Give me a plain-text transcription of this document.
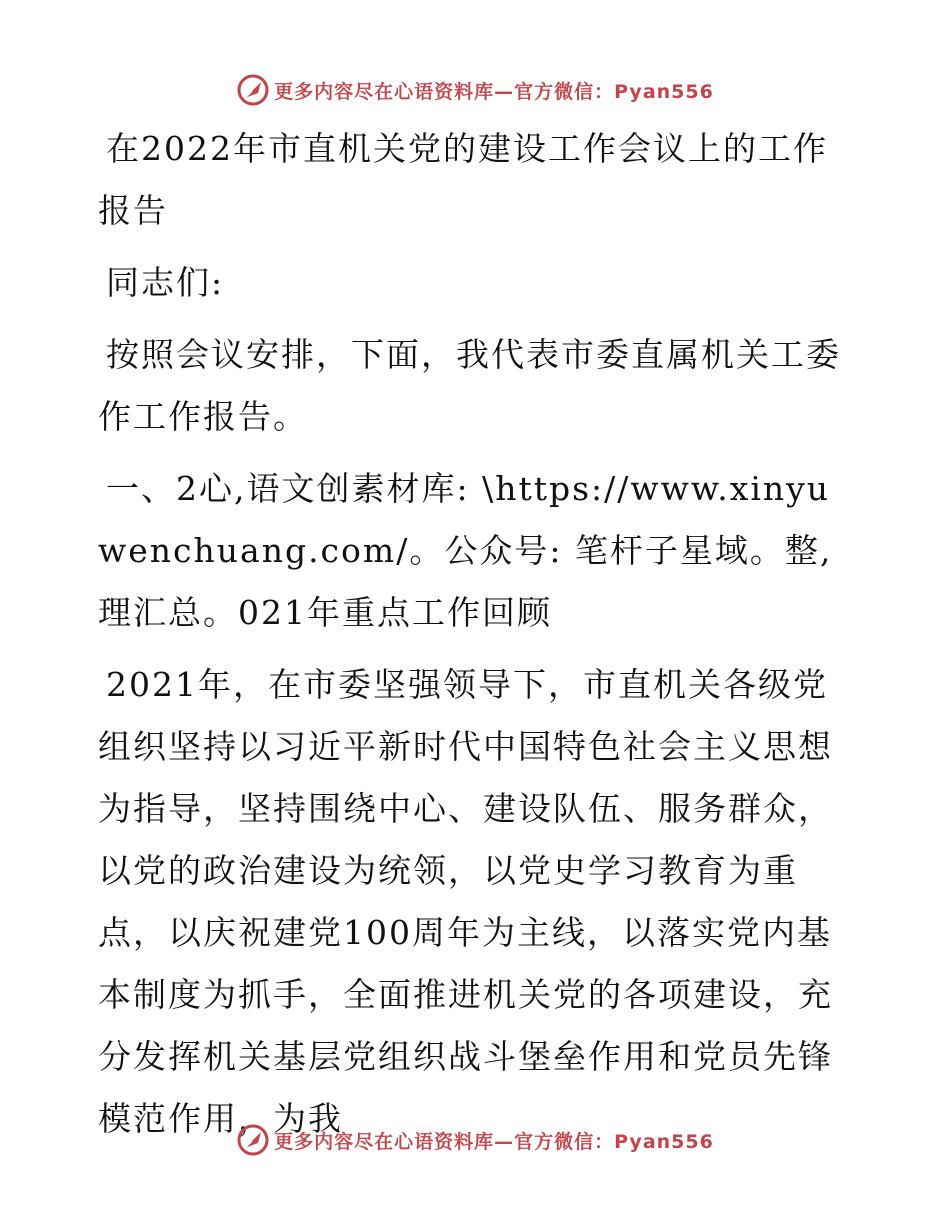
更多内容尽在心语资料库—官方微信：Pyan556

在2022年市直机关党的建设工作会议上的工作报告

同志们:

按照会议安排，下面，我代表市委直属机关工委作工作报告。

一、2心,语文创素材库: \https://www.xinyuwenchuang.com/。公众号: 笔杆子星域。整,理汇总。021年重点工作回顾

2021年，在市委坚强领导下，市直机关各级党组织坚持以习近平新时代中国特色社会主义思想为指导，坚持围绕中心、建设队伍、服务群众，以党的政治建设为统领，以党史学习教育为重点，以庆祝建党100周年为主线，以落实党内基本制度为抓手，全面推进机关党的各项建设，充分发挥机关基层党组织战斗堡垒作用和党员先锋模范作用，为我

更多内容尽在心语资料库—官方微信：Pyan556
